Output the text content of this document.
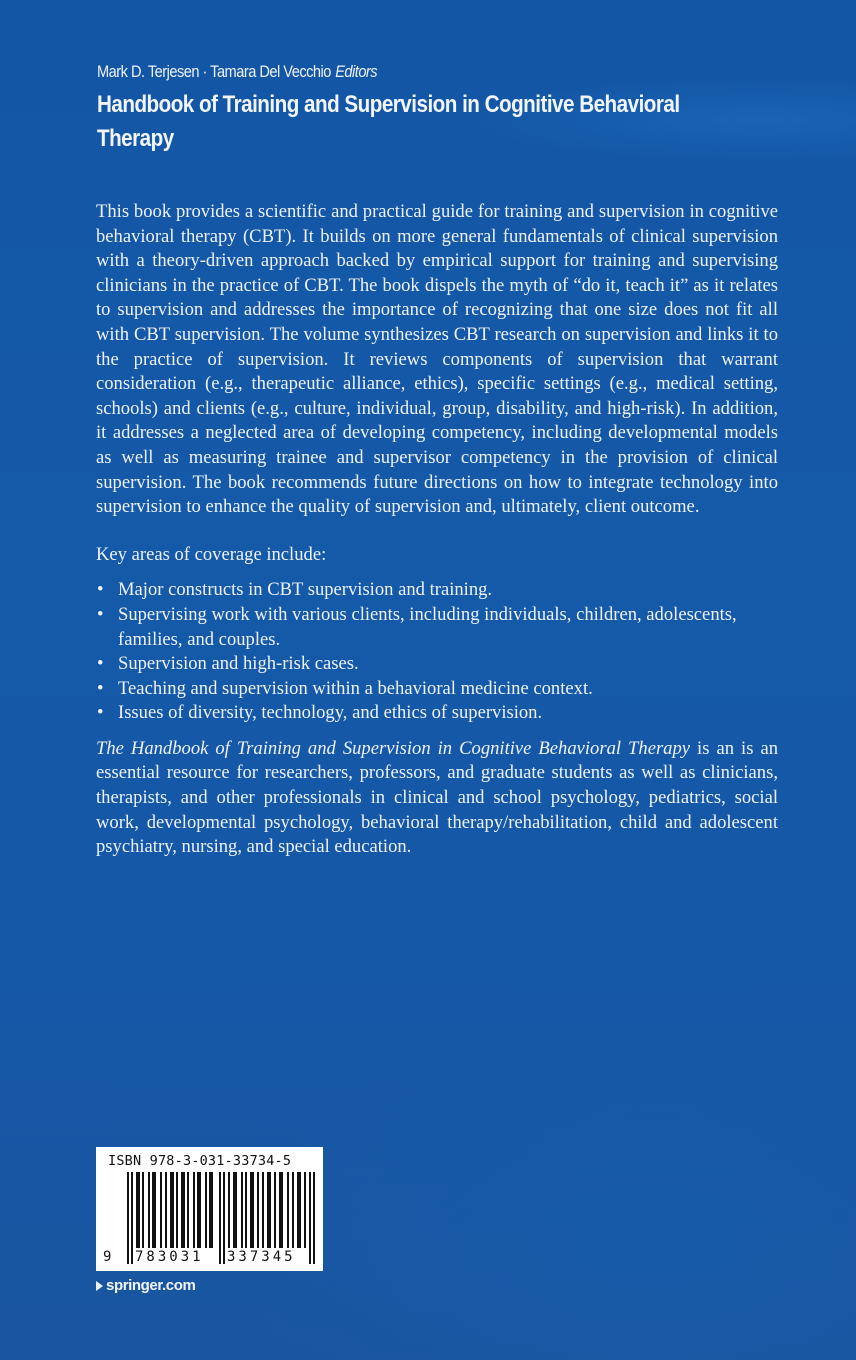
Mark D. Terjesen · Tamara Del Vecchio Editors
Handbook of Training and Supervision in Cognitive Behavioral Therapy

This book provides a scientific and practical guide for training and supervision in cognitive behavioral therapy (CBT). It builds on more general fundamentals of clinical supervision with a theory-driven approach backed by empirical support for training and supervising clinicians in the practice of CBT. The book dispels the myth of “do it, teach it” as it relates to supervision and addresses the importance of recognizing that one size does not fit all with CBT supervision. The volume synthesizes CBT research on supervision and links it to the practice of supervision. It reviews components of supervision that warrant consideration (e.g., therapeutic alliance, ethics), specific settings (e.g., medical setting, schools) and clients (e.g., culture, individual, group, disability, and high-risk). In addition, it addresses a neglected area of developing competency, including developmental models as well as measuring trainee and supervisor competency in the provision of clinical supervision. The book recommends future directions on how to integrate technology into supervision to enhance the quality of supervision and, ultimately, client outcome.

Key areas of coverage include:

• Major constructs in CBT supervision and training.
• Supervising work with various clients, including individuals, children, adolescents, families, and couples.
• Supervision and high-risk cases.
• Teaching and supervision within a behavioral medicine context.
• Issues of diversity, technology, and ethics of supervision.

The Handbook of Training and Supervision in Cognitive Behavioral Therapy is an is an essential resource for researchers, professors, and graduate students as well as clinicians, therapists, and other professionals in clinical and school psychology, pediatrics, social work, developmental psychology, behavioral therapy/rehabilitation, child and adolescent psychiatry, nursing, and special education.

ISBN 978-3-031-33734-5
9 783031 337345
springer.com
